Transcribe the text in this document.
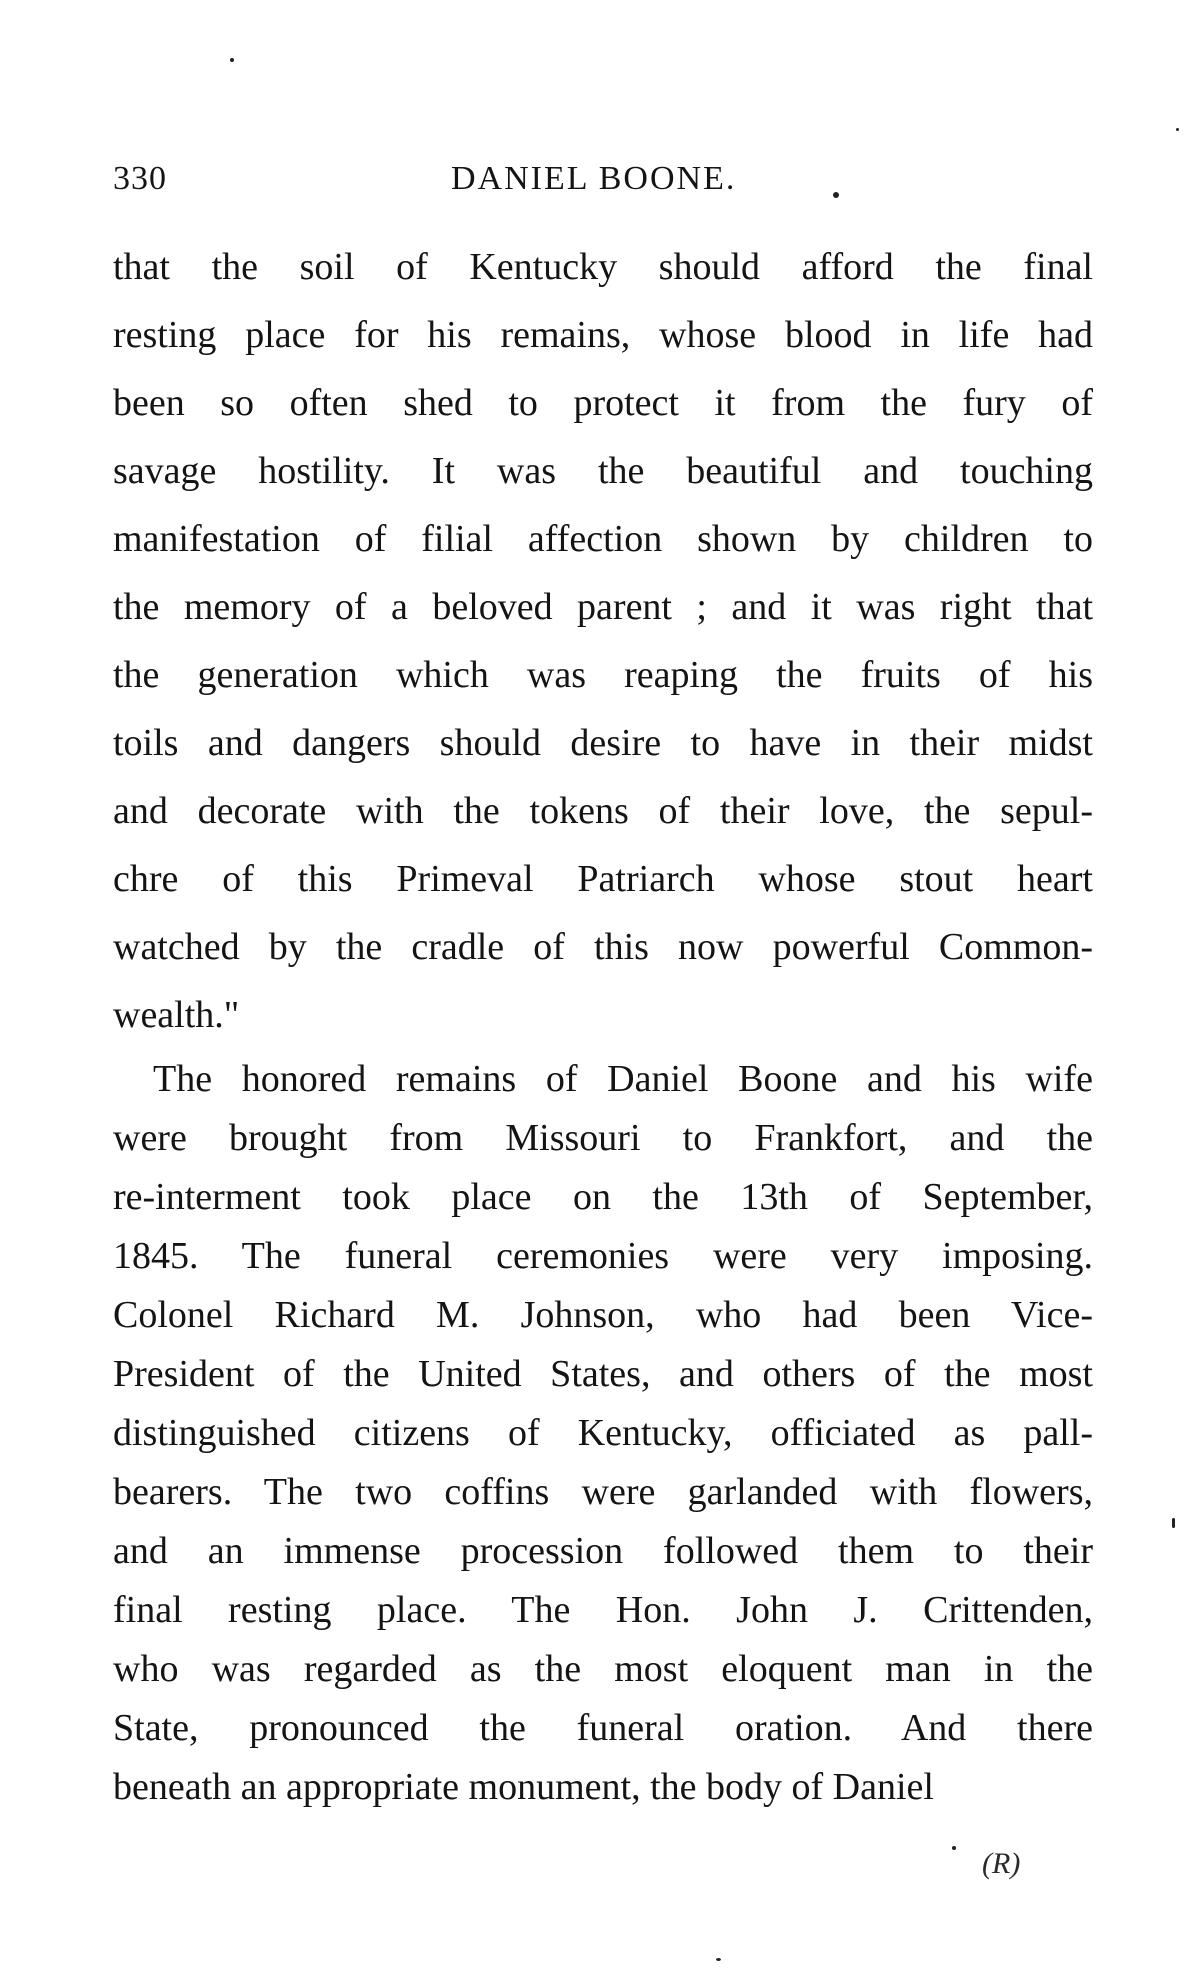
330	DANIEL BOONE.
that the soil of Kentucky should afford the final
resting place for his remains, whose blood in life had
been so often shed to protect it from the fury of
savage hostility. It was the beautiful and touching
manifestation of filial affection shown by children to
the memory of a beloved parent ; and it was right that
the generation which was reaping the fruits of his
toils and dangers should desire to have in their midst
and decorate with the tokens of their love, the sepul-
chre of this Primeval Patriarch whose stout heart
watched by the cradle of this now powerful Common-
wealth."
The honored remains of Daniel Boone and his wife
were brought from Missouri to Frankfort, and the
re-interment took place on the 13th of September,
1845. The funeral ceremonies were very imposing.
Colonel Richard M. Johnson, who had been Vice-
President of the United States, and others of the most
distinguished citizens of Kentucky, officiated as pall-
bearers. The two coffins were garlanded with flowers,
and an immense procession followed them to their
final resting place. The Hon. John J. Crittenden,
who was regarded as the most eloquent man in the
State, pronounced the funeral oration. And there
beneath an appropriate monument, the body of Daniel
(R)
